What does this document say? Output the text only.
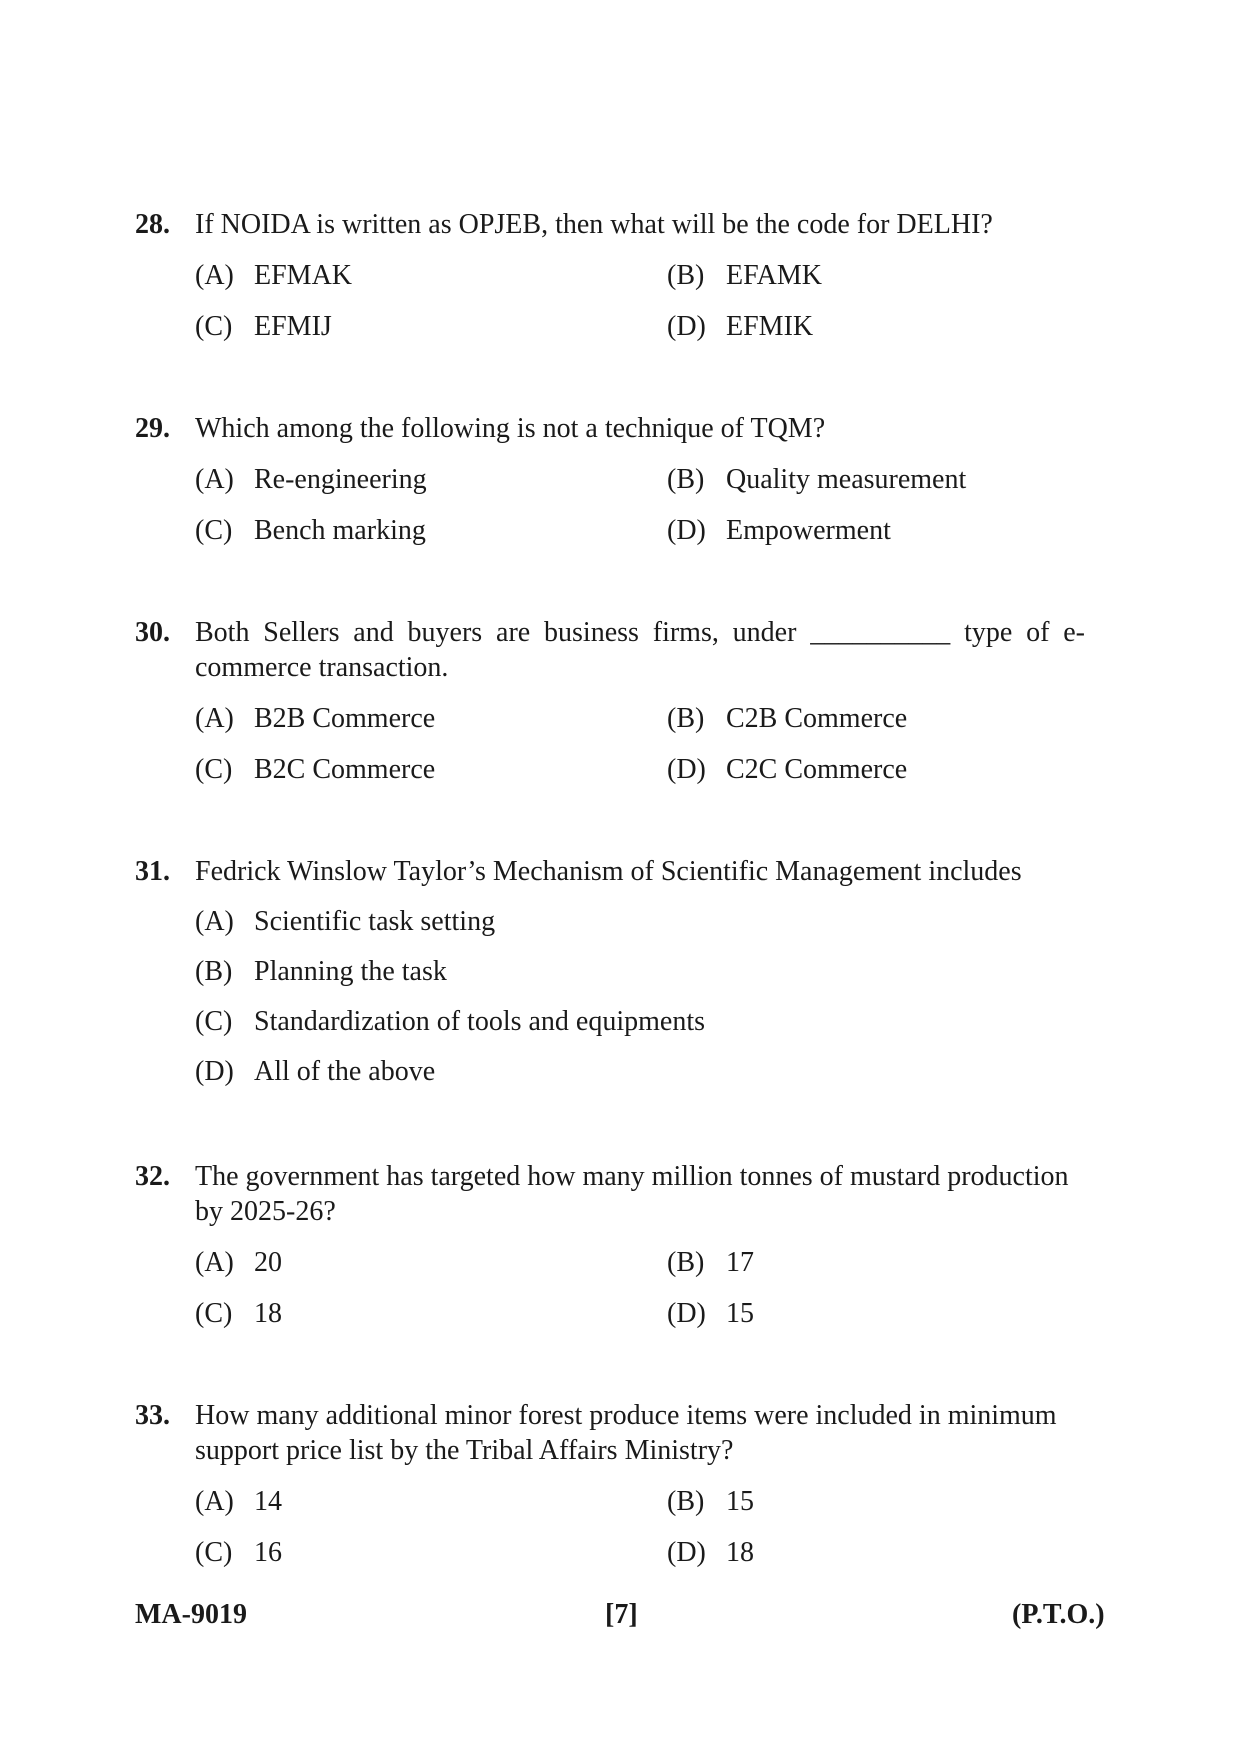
28. If NOIDA is written as OPJEB, then what will be the code for DELHI?
(A) EFMAK	(B) EFAMK
(C) EFMIJ	(D) EFMIK
29. Which among the following is not a technique of TQM?
(A) Re-engineering	(B) Quality measurement
(C) Bench marking	(D) Empowerment
30. Both Sellers and buyers are business firms, under __________ type of e-commerce transaction.
(A) B2B Commerce	(B) C2B Commerce
(C) B2C Commerce	(D) C2C Commerce
31. Fedrick Winslow Taylor’s Mechanism of Scientific Management includes
(A) Scientific task setting
(B) Planning the task
(C) Standardization of tools and equipments
(D) All of the above
32. The government has targeted how many million tonnes of mustard production by 2025-26?
(A) 20	(B) 17
(C) 18	(D) 15
33. How many additional minor forest produce items were included in minimum support price list by the Tribal Affairs Ministry?
(A) 14	(B) 15
(C) 16	(D) 18
MA-9019	[7]	(P.T.O.)
